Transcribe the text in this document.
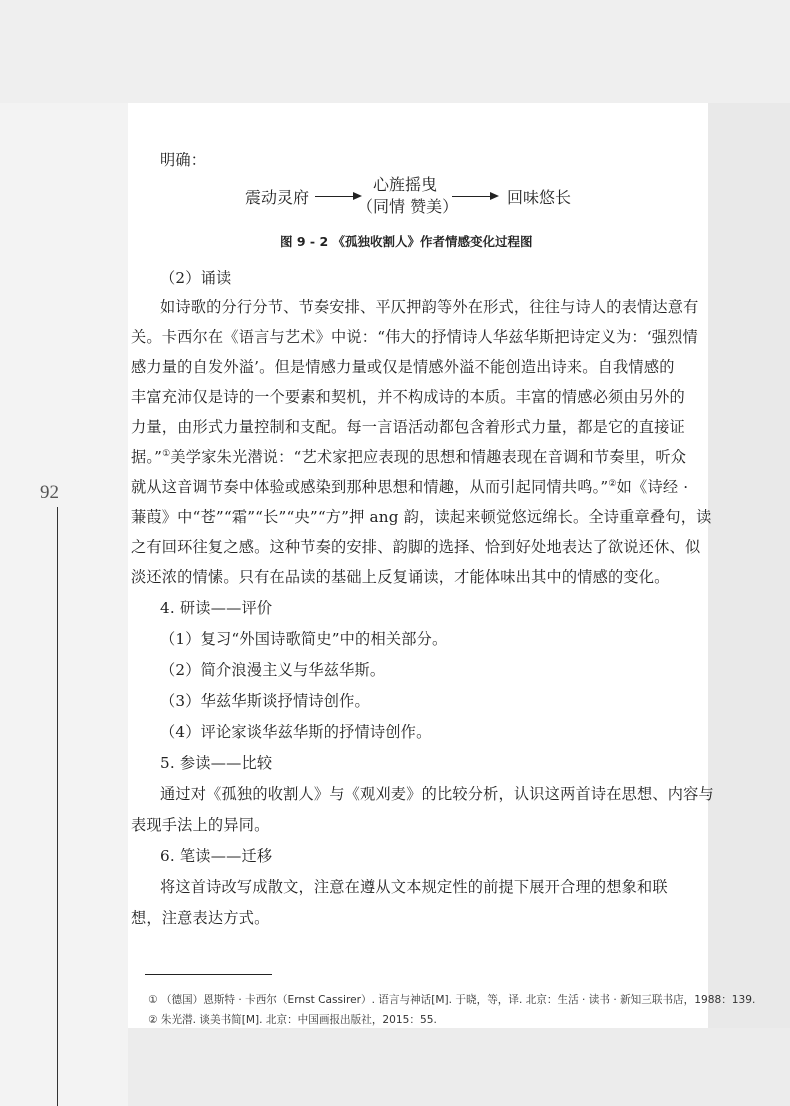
92
明确：
震动灵府
心旌摇曳
（同情 赞美）	回味悠长
图 9 - 2 《孤独收割人》作者情感变化过程图
（2）诵读
如诗歌的分行分节、节奏安排、平仄押韵等外在形式，往往与诗人的表情达意有
关。卡西尔在《语言与艺术》中说：“伟大的抒情诗人华兹华斯把诗定义为：‘强烈情
感力量的自发外溢’。但是情感力量或仅是情感外溢不能创造出诗来。自我情感的
丰富充沛仅是诗的一个要素和契机，并不构成诗的本质。丰富的情感必须由另外的
力量，由形式力量控制和支配。每一言语活动都包含着形式力量，都是它的直接证
据。”①美学家朱光潜说：“艺术家把应表现的思想和情趣表现在音调和节奏里，听众
就从这音调节奏中体验或感染到那种思想和情趣，从而引起同情共鸣。”②如《诗经 ·
蒹葭》中“苍”“霜”“长”“央”“方”押 ang 韵，读起来顿觉悠远绵长。全诗重章叠句，读
之有回环往复之感。这种节奏的安排、韵脚的选择、恰到好处地表达了欲说还休、似
淡还浓的情愫。只有在品读的基础上反复诵读，才能体味出其中的情感的变化。
4. 研读——评价
（1）复习“外国诗歌简史”中的相关部分。
（2）简介浪漫主义与华兹华斯。
（3）华兹华斯谈抒情诗创作。
（4）评论家谈华兹华斯的抒情诗创作。
5. 参读——比较
通过对《孤独的收割人》与《观刈麦》的比较分析，认识这两首诗在思想、内容与
表现手法上的异同。
6. 笔读——迁移
将这首诗改写成散文，注意在遵从文本规定性的前提下展开合理的想象和联
想，注意表达方式。
① （德国）恩斯特 · 卡西尔（Ernst Cassirer）. 语言与神话[M]. 于晓，等，译. 北京：生活 · 读书 · 新知三联书店，1988：139.
② 朱光潜. 谈美书简[M]. 北京：中国画报出版社，2015：55.
